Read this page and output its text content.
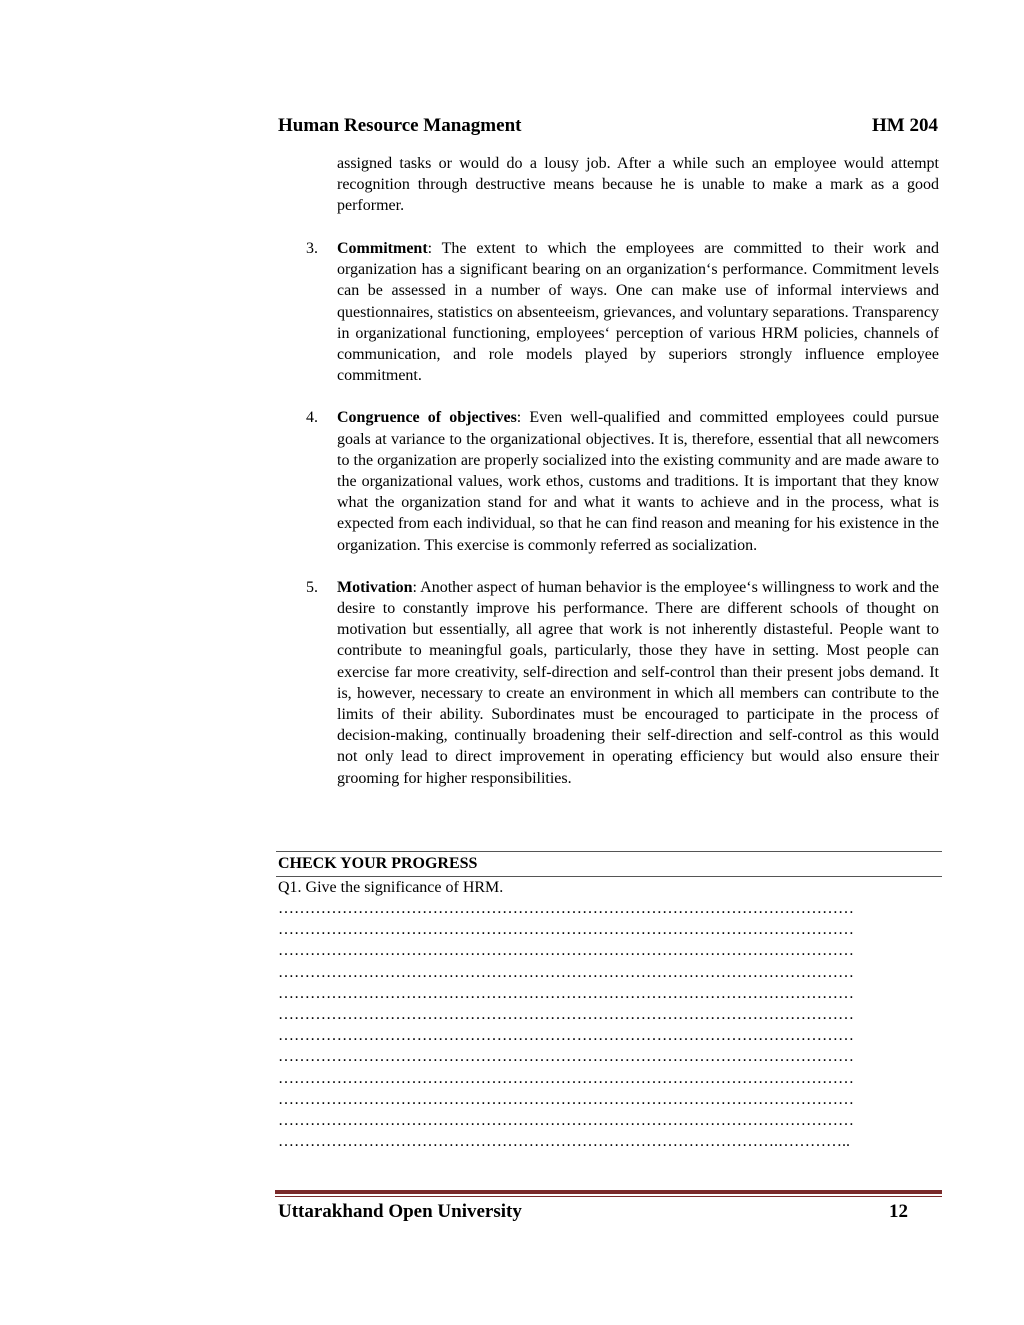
Human Resource Managment	HM 204

assigned tasks or would do a lousy job. After a while such an employee would attempt recognition through destructive means because he is unable to make a mark as a good performer.

3.	Commitment: The extent to which the employees are committed to their work and organization has a significant bearing on an organization‘s performance. Commitment levels can be assessed in a number of ways. One can make use of informal interviews and questionnaires, statistics on absenteeism, grievances, and voluntary separations. Transparency in organizational functioning, employees‘ perception of various HRM policies, channels of communication, and role models played by superiors strongly influence employee commitment.
4.	Congruence of objectives: Even well-qualified and committed employees could pursue goals at variance to the organizational objectives. It is, therefore, essential that all newcomers to the organization are properly socialized into the existing community and are made aware to the organizational values, work ethos, customs and traditions. It is important that they know what the organization stand for and what it wants to achieve and in the process, what is expected from each individual, so that he can find reason and meaning for his existence in the organization. This exercise is commonly referred as socialization.
5.	Motivation: Another aspect of human behavior is the employee‘s willingness to work and the desire to constantly improve his performance. There are different schools of thought on motivation but essentially, all agree that work is not inherently distasteful. People want to contribute to meaningful goals, particularly, those they have in setting. Most people can exercise far more creativity, self-direction and self-control than their present jobs demand. It is, however, necessary to create an environment in which all members can contribute to the limits of their ability. Subordinates must be encouraged to participate in the process of decision-making, continually broadening their self-direction and self-control as this would not only lead to direct improvement in operating efficiency but would also ensure their grooming for higher responsibilities.
CHECK YOUR PROGRESS
Q1. Give the significance of HRM.
………………………………………………………………………………………………
………………………………………………………………………………………………
………………………………………………………………………………………………
………………………………………………………………………………………………
………………………………………………………………………………………………
………………………………………………………………………………………………
………………………………………………………………………………………………
………………………………………………………………………………………………
………………………………………………………………………………………………
………………………………………………………………………………………………
………………………………………………………………………………………………
………………………………………………………………………………….…………..
Uttarakhand Open University	12
